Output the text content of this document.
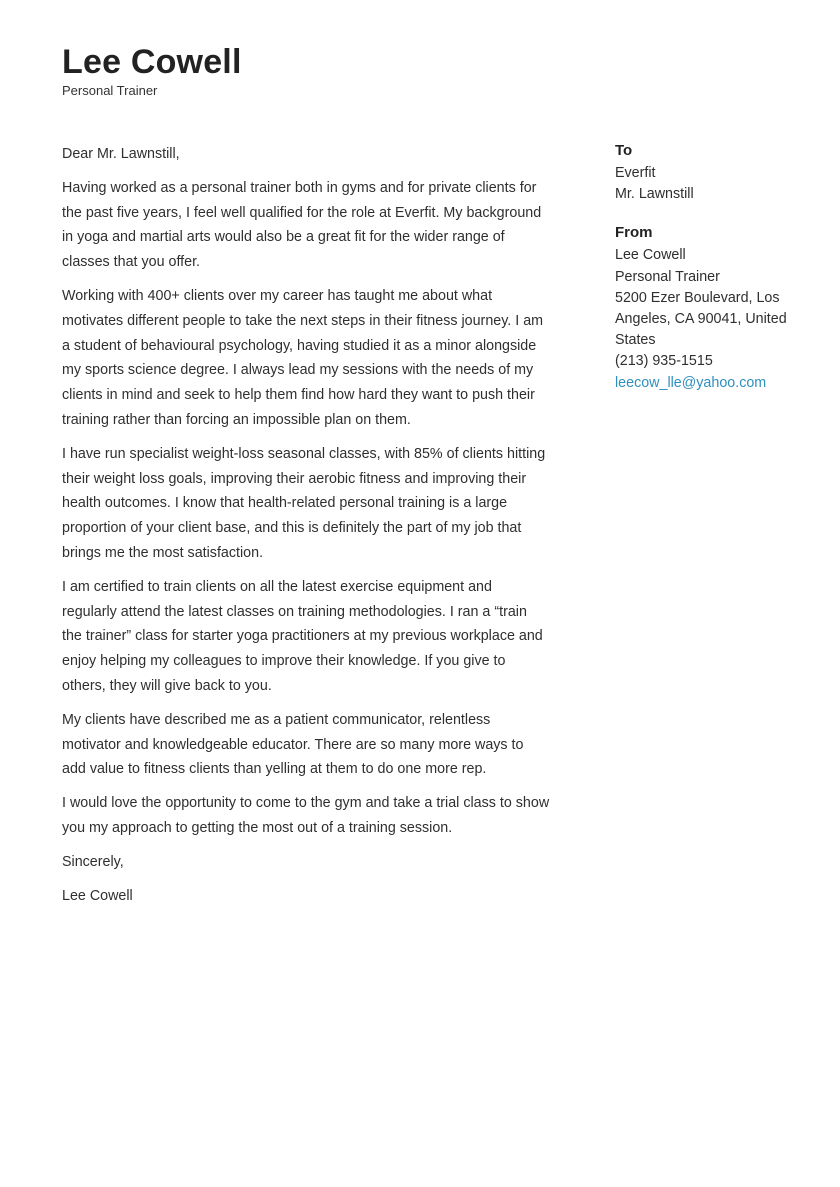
Lee Cowell
Personal Trainer

Dear Mr. Lawnstill,

Having worked as a personal trainer both in gyms and for private clients for the past five years, I feel well qualified for the role at Everfit. My background in yoga and martial arts would also be a great fit for the wider range of classes that you offer.

Working with 400+ clients over my career has taught me about what motivates different people to take the next steps in their fitness journey. I am a student of behavioural psychology, having studied it as a minor alongside my sports science degree. I always lead my sessions with the needs of my clients in mind and seek to help them find how hard they want to push their training rather than forcing an impossible plan on them.

I have run specialist weight-loss seasonal classes, with 85% of clients hitting their weight loss goals, improving their aerobic fitness and improving their health outcomes. I know that health-related personal training is a large proportion of your client base, and this is definitely the part of my job that brings me the most satisfaction.

I am certified to train clients on all the latest exercise equipment and regularly attend the latest classes on training methodologies. I ran a “train the trainer” class for starter yoga practitioners at my previous workplace and enjoy helping my colleagues to improve their knowledge. If you give to others, they will give back to you.

My clients have described me as a patient communicator, relentless motivator and knowledgeable educator. There are so many more ways to add value to fitness clients than yelling at them to do one more rep.

I would love the opportunity to come to the gym and take a trial class to show you my approach to getting the most out of a training session.

Sincerely,

Lee Cowell

To
Everfit
Mr. Lawnstill
From
Lee Cowell
Personal Trainer
5200 Ezer Boulevard, Los Angeles, CA 90041, United States
(213) 935-1515
leecow_lle@yahoo.com
